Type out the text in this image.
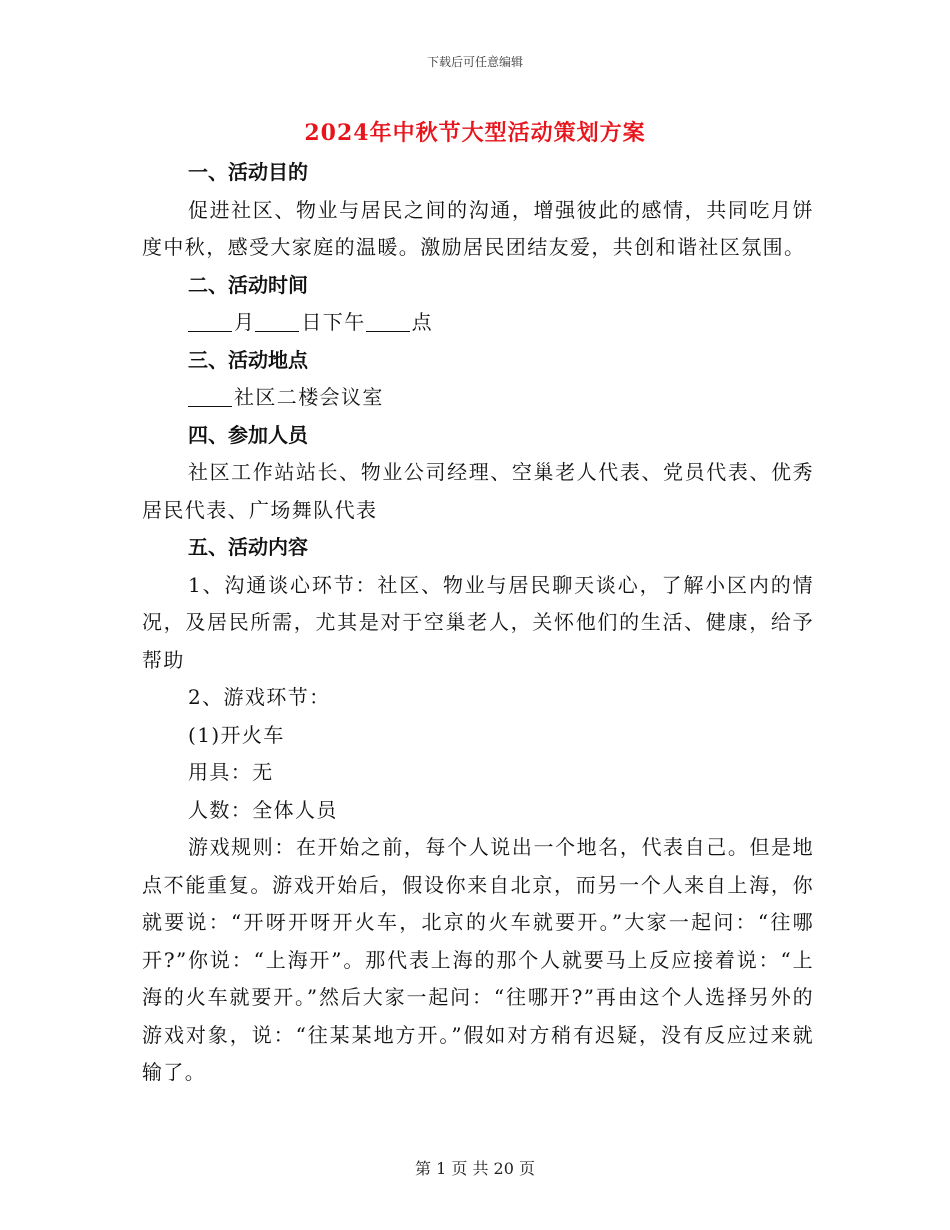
下载后可任意编辑
2024年中秋节大型活动策划方案

一、活动目的

促进社区、物业与居民之间的沟通，增强彼此的感情，共同吃月饼度中秋，感受大家庭的温暖。激励居民团结友爱，共创和谐社区氛围。

二、活动时间

月 日下午 点

三、活动地点

社区二楼会议室

四、参加人员

社区工作站站长、物业公司经理、空巢老人代表、党员代表、优秀居民代表、广场舞队代表

五、活动内容

1、沟通谈心环节：社区、物业与居民聊天谈心，了解小区内的情况，及居民所需，尤其是对于空巢老人，关怀他们的生活、健康，给予帮助

2、游戏环节：

(1)开火车

用具：无

人数：全体人员

游戏规则：在开始之前，每个人说出一个地名，代表自己。但是地点不能重复。游戏开始后，假设你来自北京，而另一个人来自上海，你就要说：“开呀开呀开火车，北京的火车就要开。”大家一起问：“往哪开?”你说：“上海开”。那代表上海的那个人就要马上反应接着说：“上海的火车就要开。”然后大家一起问：“往哪开?”再由这个人选择另外的游戏对象，说：“往某某地方开。”假如对方稍有迟疑，没有反应过来就输了。

第 1 页 共 20 页
